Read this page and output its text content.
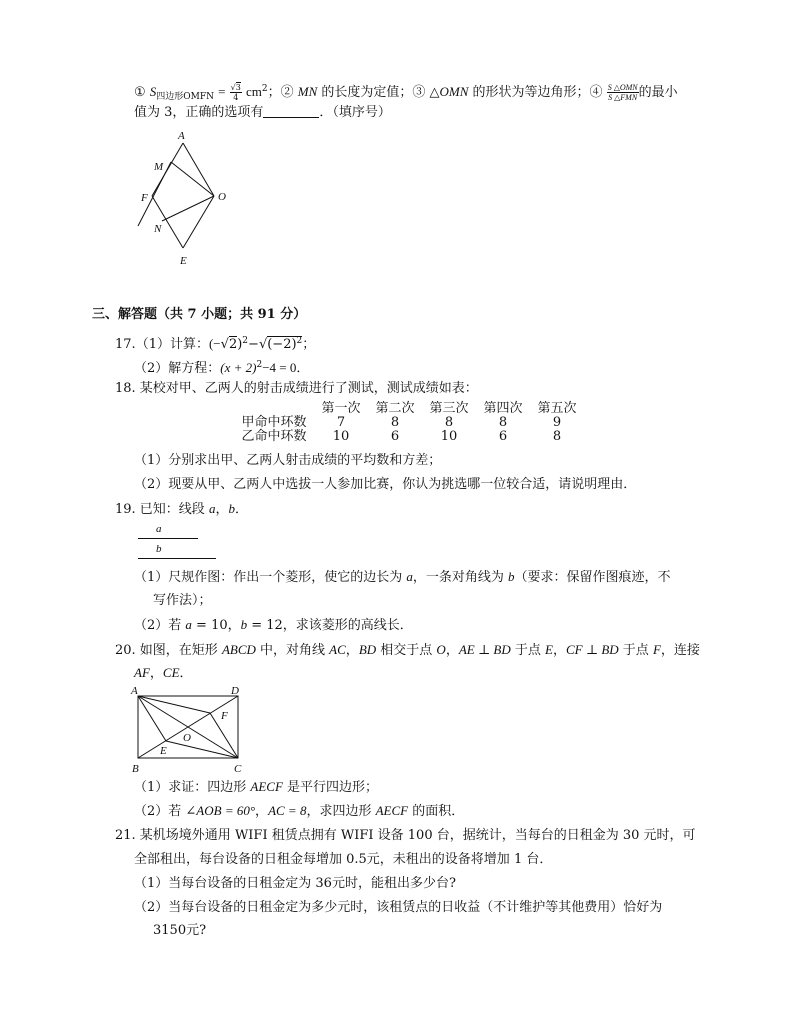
① $S_{四边形OMFN} = \frac{√3}{4} cm^2$；② MN 的长度为定值；③ △OMN 的形状为等边角形；④ $\frac{\text{S △OMN}}{\text{S △FMN}}$ 的最小
值为 3，正确的选项有	．（填序号）
A
M
F	O
N
E
三、解答题（共 7 小题；共 91 分）
17.（1）计算：$(-√2)^2-√(-2)^2$；
（2）解方程：$(x + 2)^2-4 = 0$．
18. 某校对甲、乙两人的射击成绩进行了测试，测试成绩如表：
	第一次	第二次	第三次	第四次	第五次
甲命中环数	7	8	8	8	9
乙命中环数	10	6	10	6	8
（1）分别求出甲、乙两人射击成绩的平均数和方差；
（2）现要从甲、乙两人中选拔一人参加比赛，你认为挑选哪一位较合适，请说明理由．
19. 已知：线段 a，b．
a
b
（1）尺规作图：作出一个菱形，使它的边长为 a，一条对角线为 b（要求：保留作图痕迹，不
写作法）；
（2）若 a = 10，b = 12，求该菱形的高线长．
20. 如图，在矩形 ABCD 中，对角线 AC，BD 相交于点 O，AE ⊥ BD 于点 E，CF ⊥ BD 于点 F，连接
AF，CE．
A	D
F
O
E
B	C
（1）求证：四边形 AECF 是平行四边形；
（2）若 ∠AOB = 60°，AC = 8，求四边形 AECF 的面积．
21. 某机场境外通用 WIFI 租赁点拥有 WIFI 设备 100 台，据统计，当每台的日租金为 30 元时，可
全部租出，每台设备的日租金每增加 0.5元，未租出的设备将增加 1 台．
（1）当每台设备的日租金定为 36元时，能租出多少台?
（2）当每台设备的日租金定为多少元时，该租赁点的日收益（不计维护等其他费用）恰好为
3150元?
